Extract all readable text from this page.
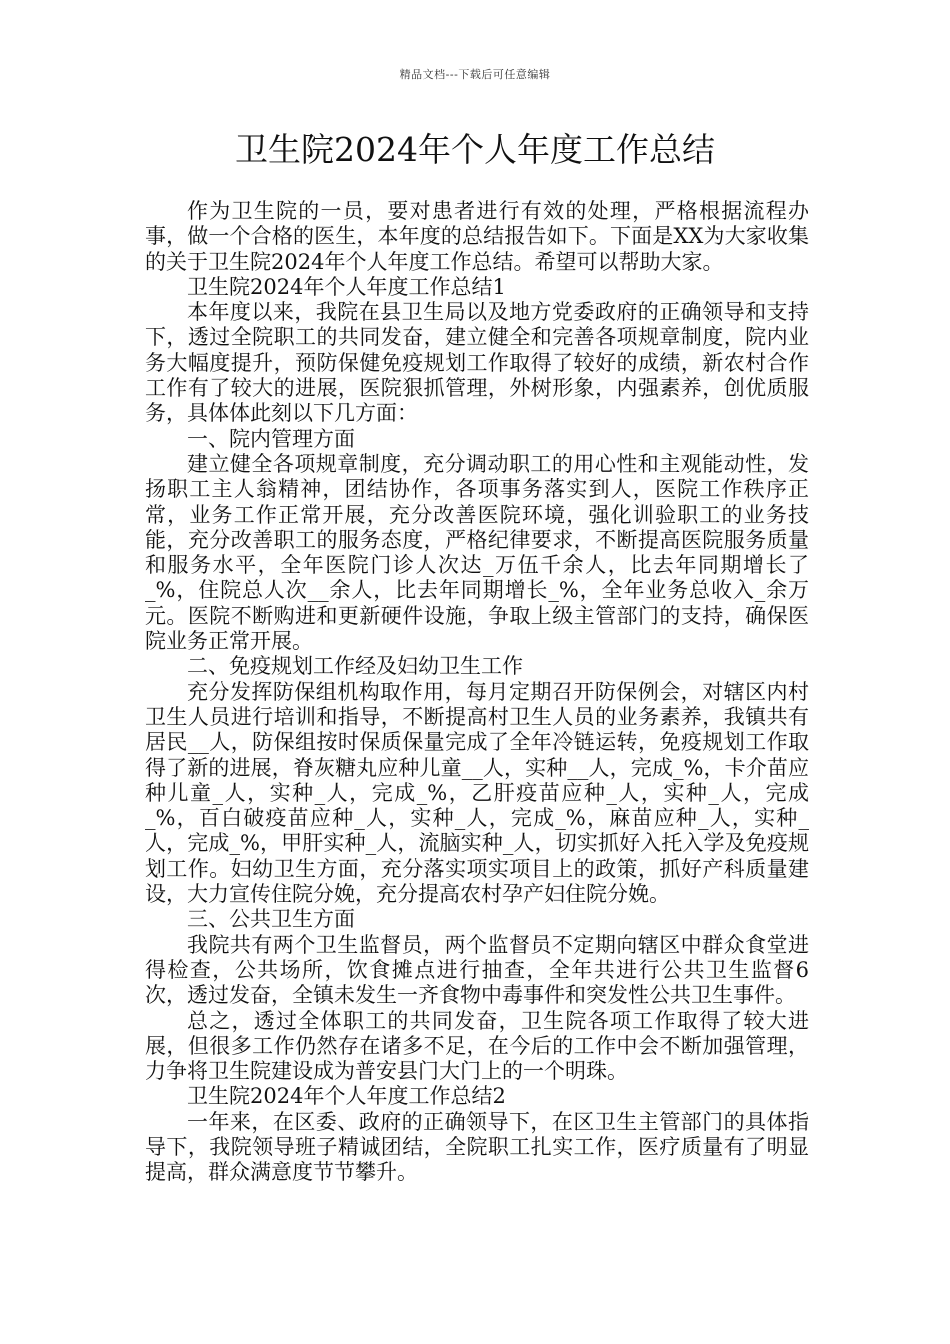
精品文档---下载后可任意编辑
卫生院2024年个人年度工作总结

作为卫生院的一员，要对患者进行有效的处理，严格根据流程办事，做一个合格的医生，本年度的总结报告如下。下面是XX为大家收集的关于卫生院2024年个人年度工作总结。希望可以帮助大家。

卫生院2024年个人年度工作总结1

本年度以来，我院在县卫生局以及地方党委政府的正确领导和支持下，透过全院职工的共同发奋，建立健全和完善各项规章制度，院内业务大幅度提升，预防保健免疫规划工作取得了较好的成绩，新农村合作工作有了较大的进展，医院狠抓管理，外树形象，内强素养，创优质服务，具体体此刻以下几方面：

一、院内管理方面

建立健全各项规章制度，充分调动职工的用心性和主观能动性，发扬职工主人翁精神，团结协作，各项事务落实到人，医院工作秩序正常，业务工作正常开展，充分改善医院环境，强化训验职工的业务技能，充分改善职工的服务态度，严格纪律要求，不断提高医院服务质量和服务水平，全年医院门诊人次达_万伍千余人，比去年同期增长了_%，住院总人次__余人，比去年同期增长_%，全年业务总收入_余万元。医院不断购进和更新硬件设施，争取上级主管部门的支持，确保医院业务正常开展。

二、免疫规划工作经及妇幼卫生工作

充分发挥防保组机构取作用，每月定期召开防保例会，对辖区内村卫生人员进行培训和指导，不断提高村卫生人员的业务素养，我镇共有居民__人，防保组按时保质保量完成了全年冷链运转，免疫规划工作取得了新的进展，脊灰糖丸应种儿童__人，实种__人，完成_%，卡介苗应种儿童_人，实种_人，完成_%，乙肝疫苗应种_人，实种_人，完成_%，百白破疫苗应种_人，实种_人，完成_%，麻苗应种_人，实种_人，完成_%，甲肝实种_人，流脑实种_人，切实抓好入托入学及免疫规划工作。妇幼卫生方面，充分落实项实项目上的政策，抓好产科质量建设，大力宣传住院分娩，充分提高农村孕产妇住院分娩。

三、公共卫生方面

我院共有两个卫生监督员，两个监督员不定期向辖区中群众食堂进得检查，公共场所，饮食摊点进行抽查，全年共进行公共卫生监督6次，透过发奋，全镇未发生一齐食物中毒事件和突发性公共卫生事件。

总之，透过全体职工的共同发奋，卫生院各项工作取得了较大进展，但很多工作仍然存在诸多不足，在今后的工作中会不断加强管理，力争将卫生院建设成为普安县门大门上的一个明珠。

卫生院2024年个人年度工作总结2

一年来，在区委、政府的正确领导下，在区卫生主管部门的具体指导下，我院领导班子精诚团结，全院职工扎实工作，医疗质量有了明显提高，群众满意度节节攀升。
